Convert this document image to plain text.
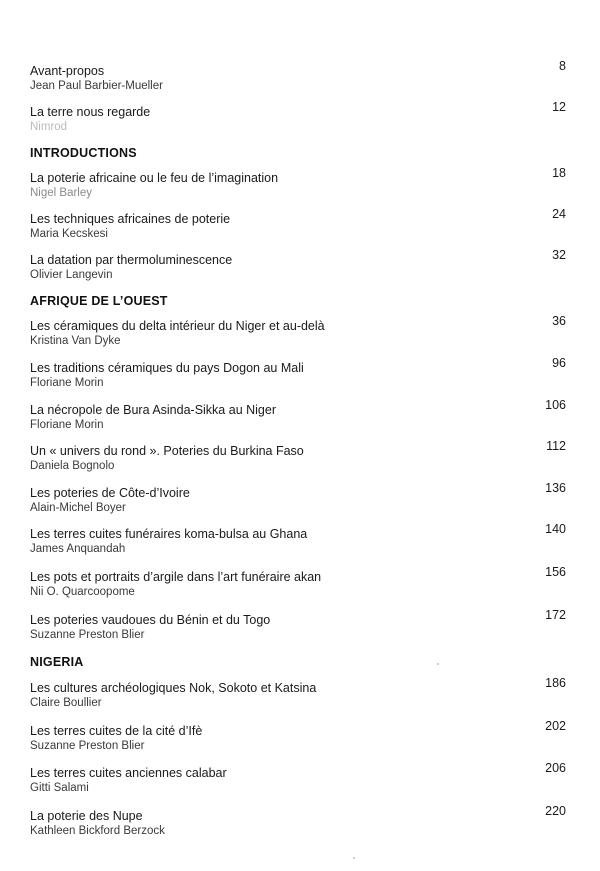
Avant-propos
Jean Paul Barbier-Mueller
8
La terre nous regarde
Nimrod
12
INTRODUCTIONS
La poterie africaine ou le feu de l’imagination
Nigel Barley
18
Les techniques africaines de poterie
Maria Kecskesi
24
La datation par thermoluminescence
Olivier Langevin
32
AFRIQUE DE L’OUEST
Les céramiques du delta intérieur du Niger et au-delà
Kristina Van Dyke
36
Les traditions céramiques du pays Dogon au Mali
Floriane Morin
96
La nécropole de Bura Asinda-Sikka au Niger
Floriane Morin
106
Un « univers du rond ». Poteries du Burkina Faso
Daniela Bognolo
112
Les poteries de Côte-d’Ivoire
Alain-Michel Boyer
136
Les terres cuites funéraires koma-bulsa au Ghana
James Anquandah
140
Les pots et portraits d’argile dans l’art funéraire akan
Nii O. Quarcoopome
156
Les poteries vaudoues du Bénin et du Togo
Suzanne Preston Blier
172
NIGERIA
Les cultures archéologiques Nok, Sokoto et Katsina
Claire Boullier
186
Les terres cuites de la cité d’Ifè
Suzanne Preston Blier
202
Les terres cuites anciennes calabar
Gitti Salami
206
La poterie des Nupe
Kathleen Bickford Berzock
220
